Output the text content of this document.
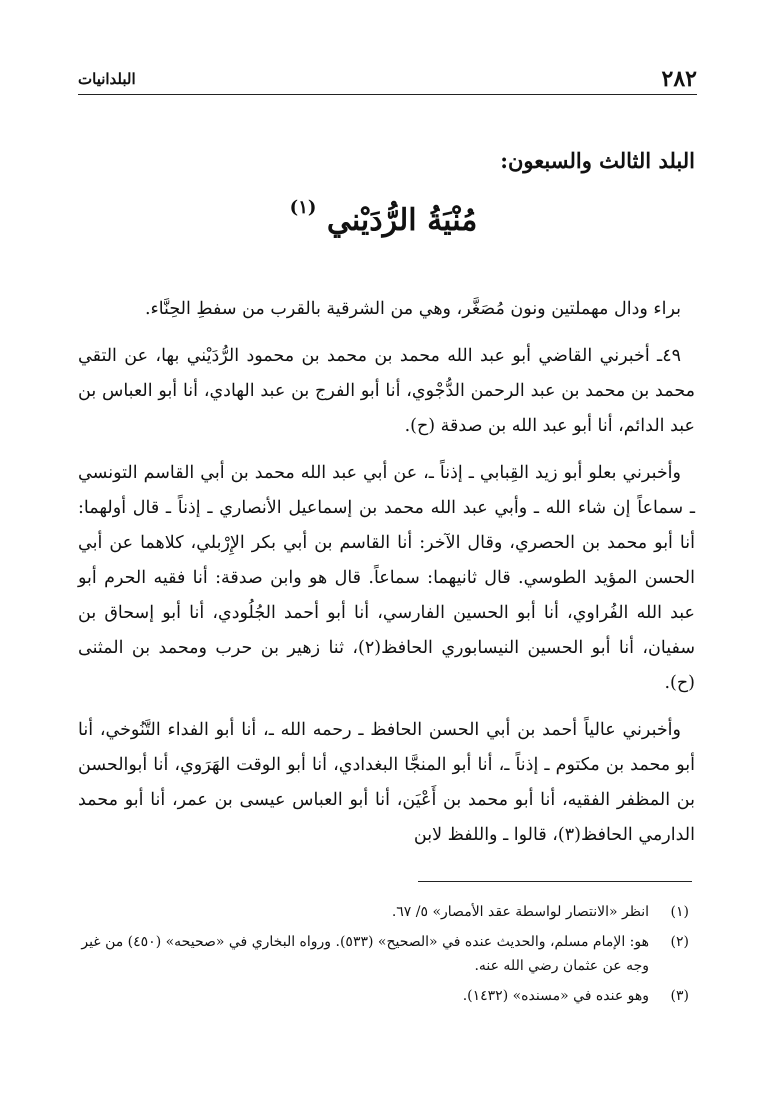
٢٨٢
البلدانيات
البلد الثالث والسبعون:
مُنْيَةُ الرُّدَيْني $^{(١)}$

براء ودال مهملتين ونون مُصَغَّر، وهي من الشرقية بالقرب من سفطِ الحِنَّاء.

٤٩ـ أخبرني القاضي أبو عبد الله محمد بن محمد بن محمود الرُّدَيْني بها، عن التقي محمد بن محمد بن عبد الرحمن الدُّجْوي، أنا أبو الفرج بن عبد الهادي، أنا أبو العباس بن عبد الدائم، أنا أبو عبد الله بن صدقة (ح).

وأخبرني بعلو أبو زيد القِبابي ـ إذناً ـ، عن أبي عبد الله محمد بن أبي القاسم التونسي ـ سماعاً إن شاء الله ـ وأبي عبد الله محمد بن إسماعيل الأنصاري ـ إذناً ـ قال أولهما: أنا أبو محمد بن الحصري، وقال الآخر: أنا القاسم بن أبي بكر الإِرْبلي، كلاهما عن أبي الحسن المؤيد الطوسي. قال ثانيهما: سماعاً. قال هو وابن صدقة: أنا فقيه الحرم أبو عبد الله الفُراوي، أنا أبو الحسين الفارسي، أنا أبو أحمد الجُلُودي، أنا أبو إسحاق بن سفيان، أنا أبو الحسين النيسابوري الحافظ(٢)، ثنا زهير بن حرب ومحمد بن المثنى (ح).

وأخبرني عالياً أحمد بن أبي الحسن الحافظ ـ رحمه الله ـ، أنا أبو الفداء التَّنُوخي، أنا أبو محمد بن مكتوم ـ إذناً ـ، أنا أبو المنجَّا البغدادي، أنا أبو الوقت الهَرَوي، أنا أبوالحسن بن المظفر الفقيه، أنا أبو محمد بن أَعْيَن، أنا أبو العباس عيسى بن عمر، أنا أبو محمد الدارمي الحافظ(٣)، قالوا ـ واللفظ لابن

(١)
انظر «الانتصار لواسطة عقد الأمصار» ٥/ ٦٧.
(٢)
هو: الإمام مسلم، والحديث عنده في «الصحيح» (٥٣٣). ورواه البخاري في «صحيحه» (٤٥٠) من غير وجه عن عثمان رضي الله عنه.
(٣)
وهو عنده في «مسنده» (١٤٣٢).
